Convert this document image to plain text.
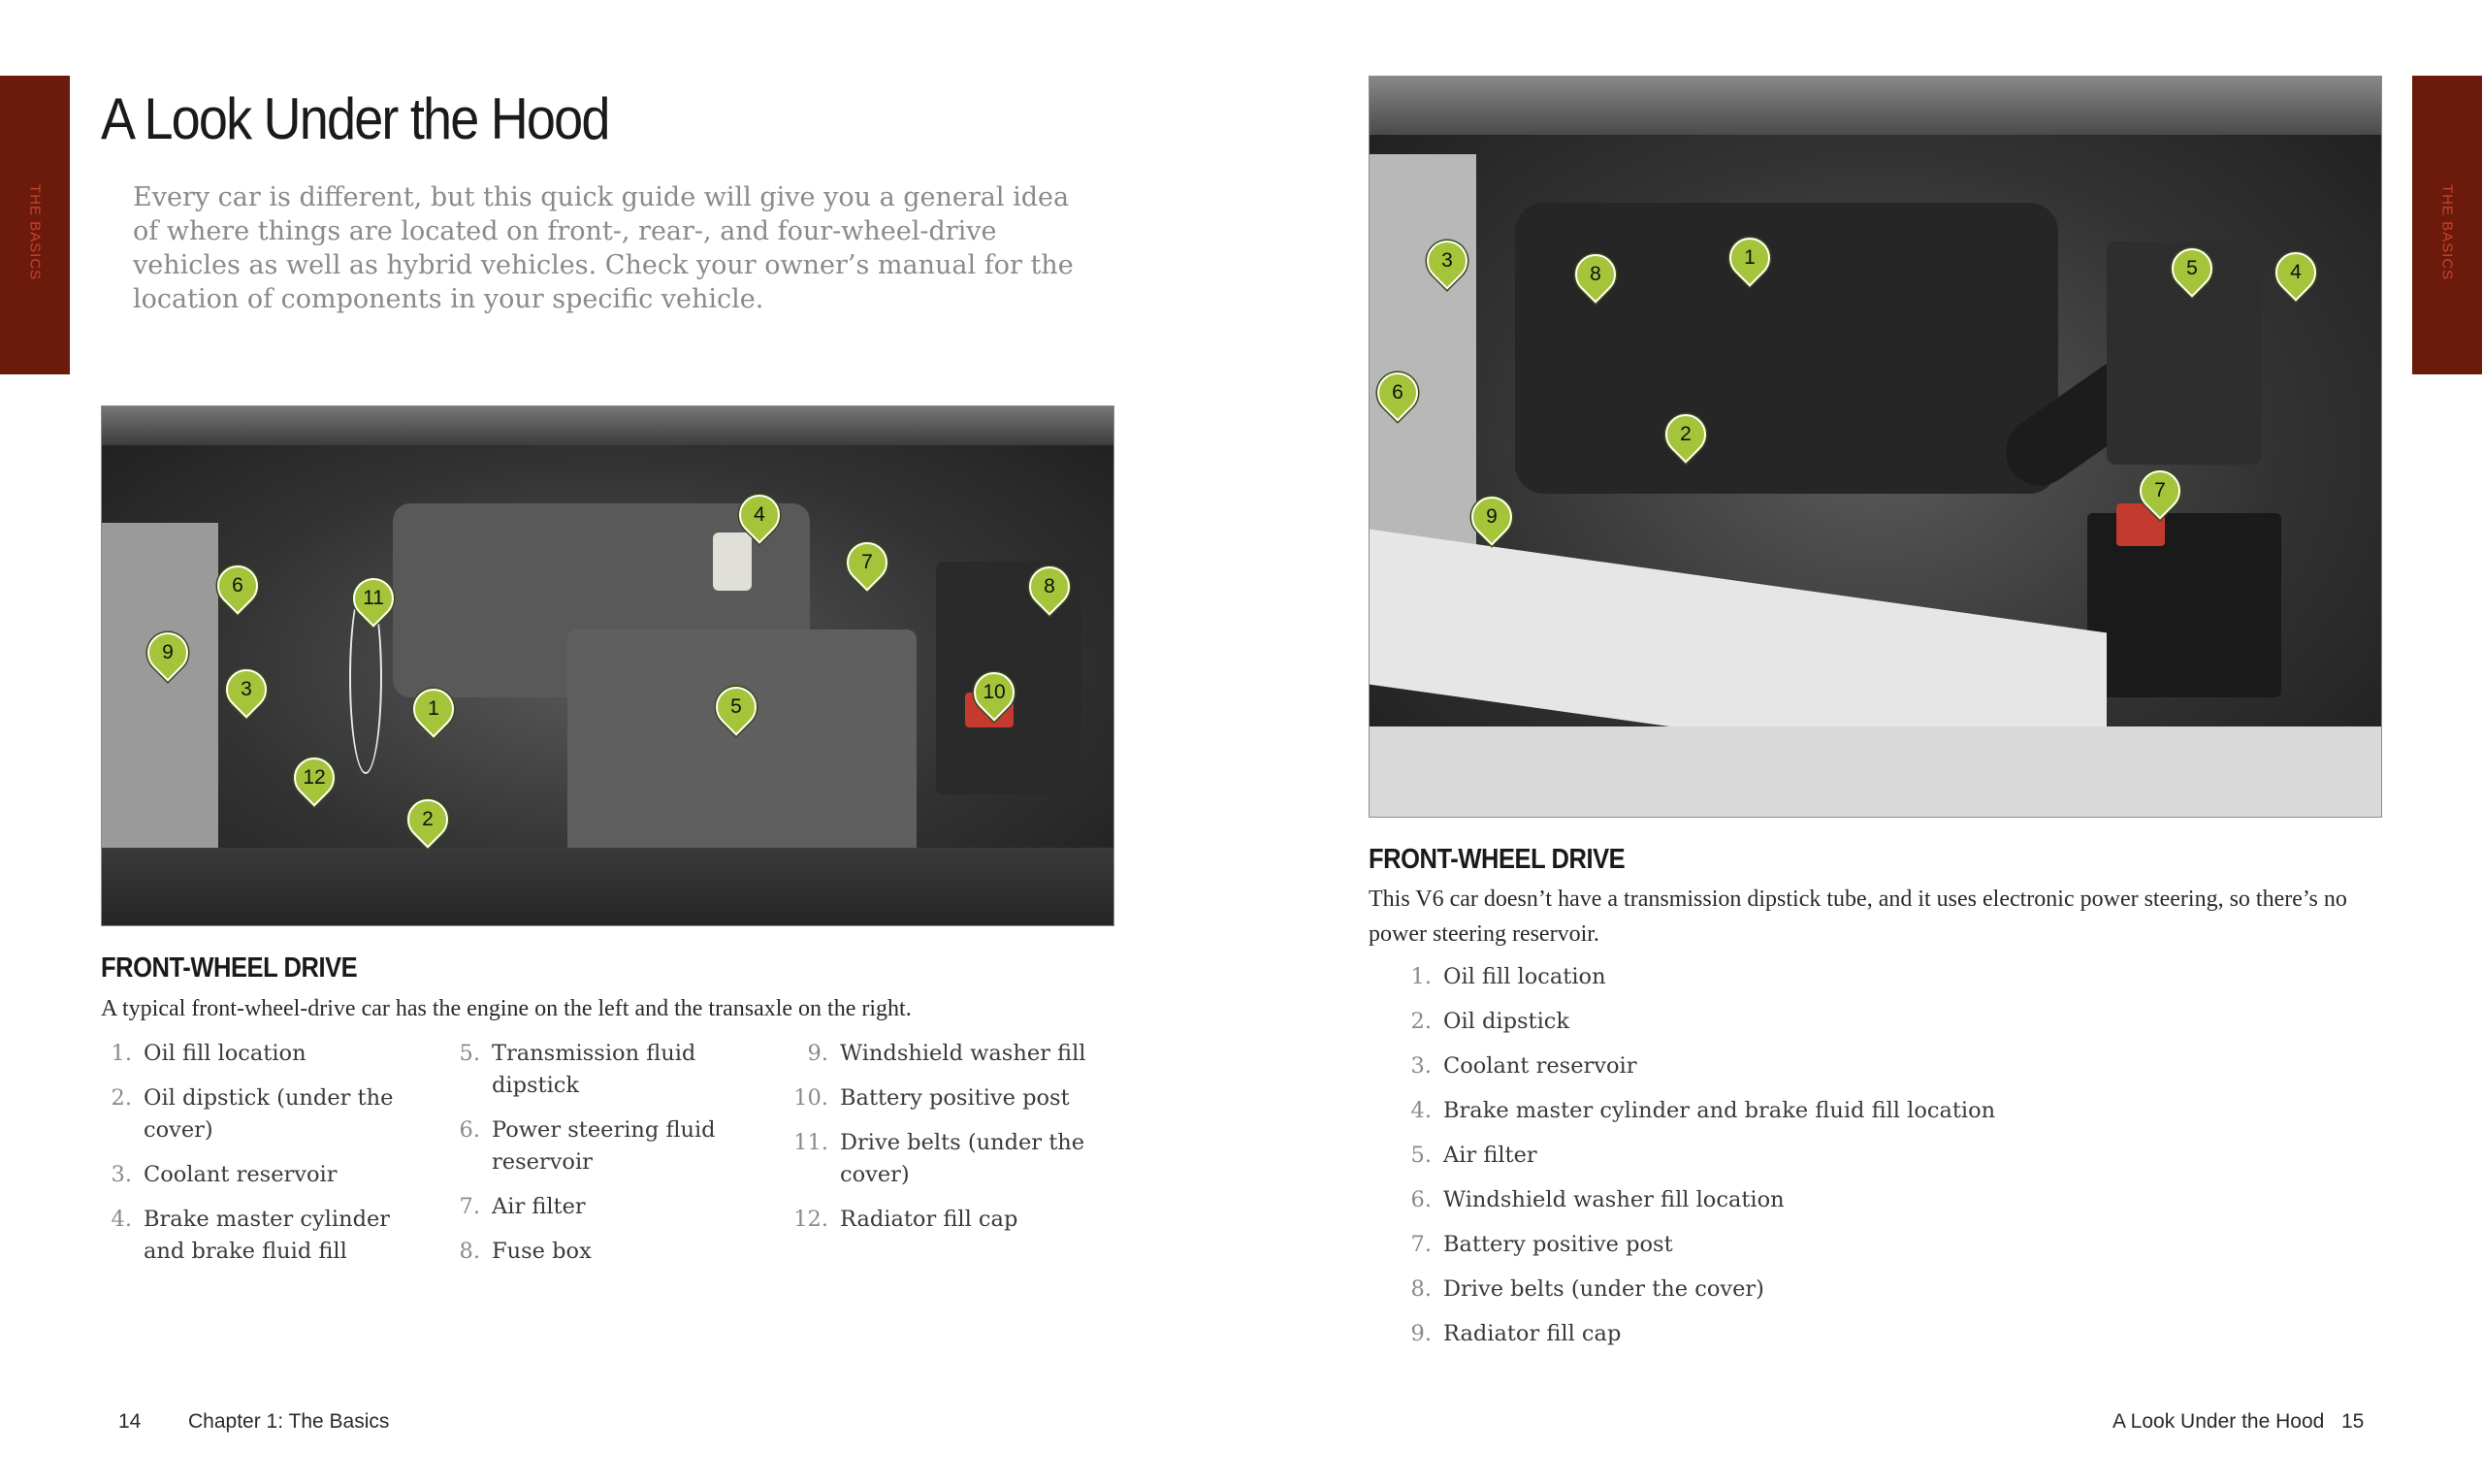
THE BASICS	THE BASICS
A Look Under the Hood

Every car is different, but this quick guide will give you a general idea of where things are located on front-, rear-, and four-wheel-drive vehicles as well as hybrid vehicles. Check your owner’s manual for the location of components in your specific vehicle.

1
2
3
4
5
6
7
8
9
10
11
12
FRONT-WHEEL DRIVE

A typical front-wheel-drive car has the engine on the left and the transaxle on the right.

1. Oil fill location
2. Oil dipstick (under the cover)
3. Coolant reservoir
4. Brake master cylinder and brake fluid fill
5. Transmission fluid dipstick
6. Power steering fluid reservoir
7. Air filter
8. Fuse box
9. Windshield washer fill
10. Battery positive post
11. Drive belts (under the cover)
12. Radiator fill cap
1
2
3
4
5
6
7
8
9
FRONT-WHEEL DRIVE

This V6 car doesn’t have a transmission dipstick tube, and it uses electronic power steering, so there’s no power steering reservoir.

1. Oil fill location
2. Oil dipstick
3. Coolant reservoir
4. Brake master cylinder and brake fluid fill location
5. Air filter
6. Windshield washer fill location
7. Battery positive post
8. Drive belts (under the cover)
9. Radiator fill cap
14 Chapter 1: The Basics	A Look Under the Hood 15
